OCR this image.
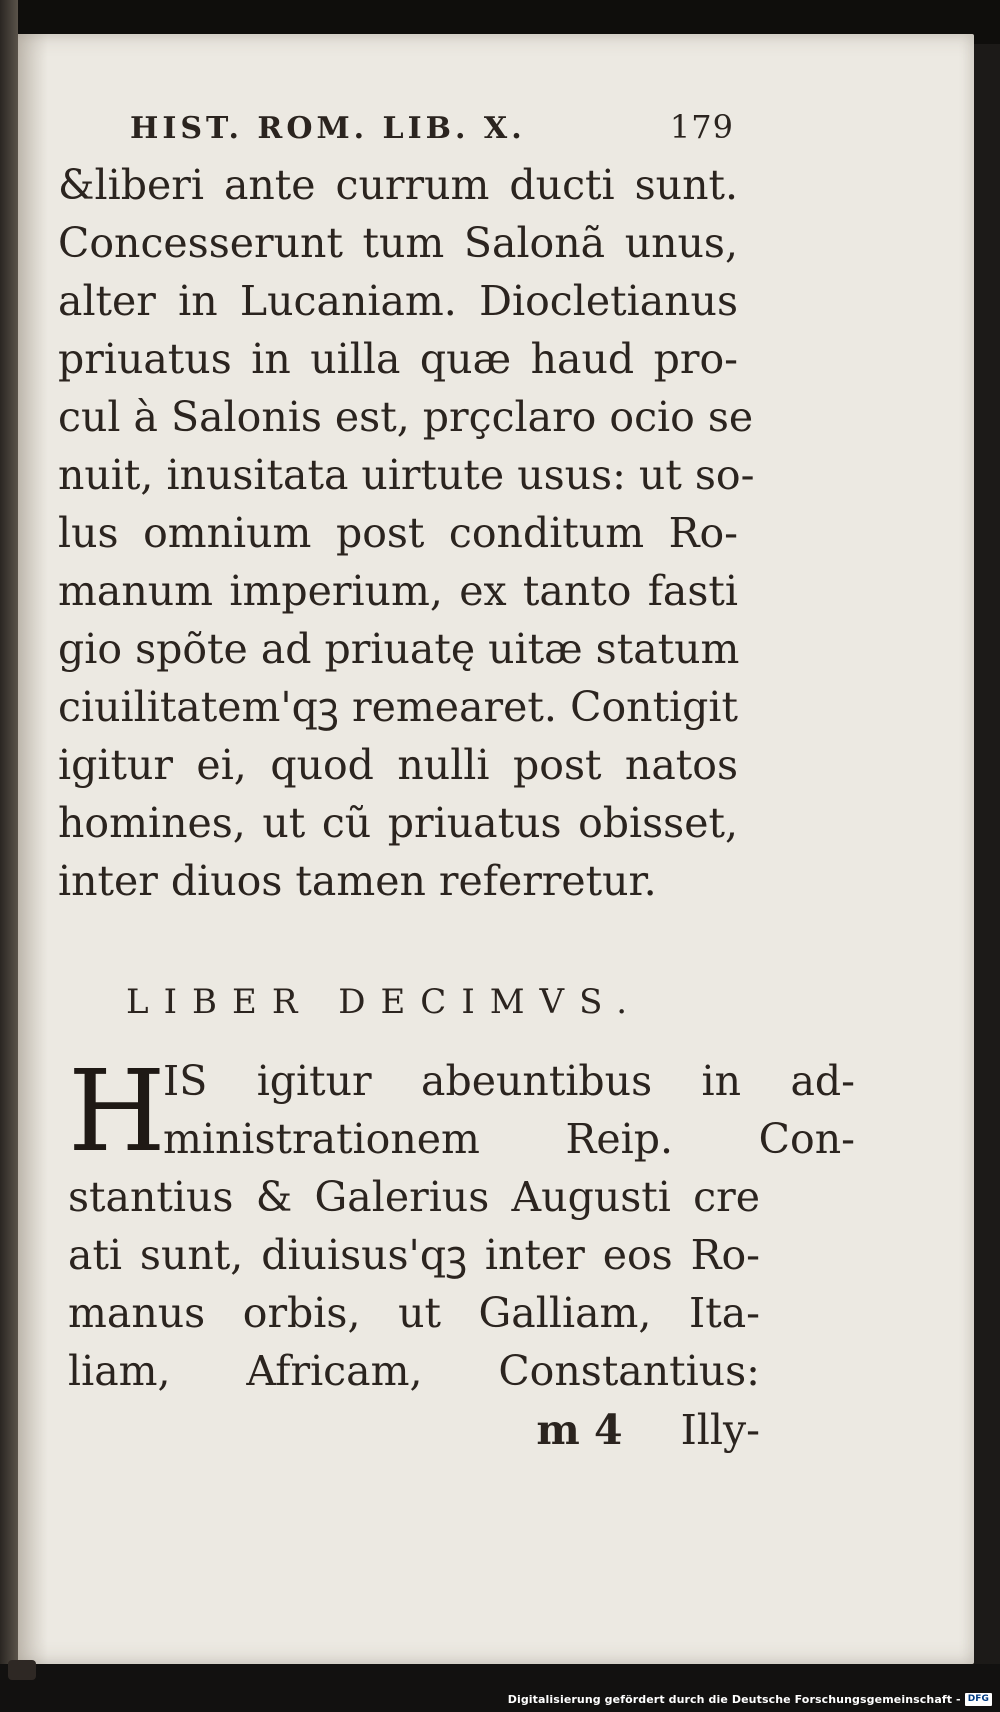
HIST. ROM. LIB. X.	179
&liberi ante currum ducti sunt.
Concesserunt tum Salonã unus,
alter in Lucaniam. Diocletianus
priuatus in uilla quæ haud pro-
cul à Salonis est, prçclaro ocio se
nuit, inusitata uirtute usus: ut so-
lus omnium post conditum Ro-
manum imperium, ex tanto fasti
gio spõte ad priuatę uitæ statum
ciuilitatem'qꝫ remearet. Contigit
igitur ei, quod nulli post natos
homines, ut cũ priuatus obisset,
inter diuos tamen referretur.
LIBER DECIMVS.
H
IS igitur abeuntibus in ad-
ministrationem Reip. Con-
stantius & Galerius Augusti cre
ati sunt, diuisus'qꝫ inter eos Ro-
manus orbis, ut Galliam, Ita-
liam, Africam, Constantius:
m 4 Illy-
Digitalisierung gefördert durch die Deutsche Forschungsgemeinschaft - DFG
